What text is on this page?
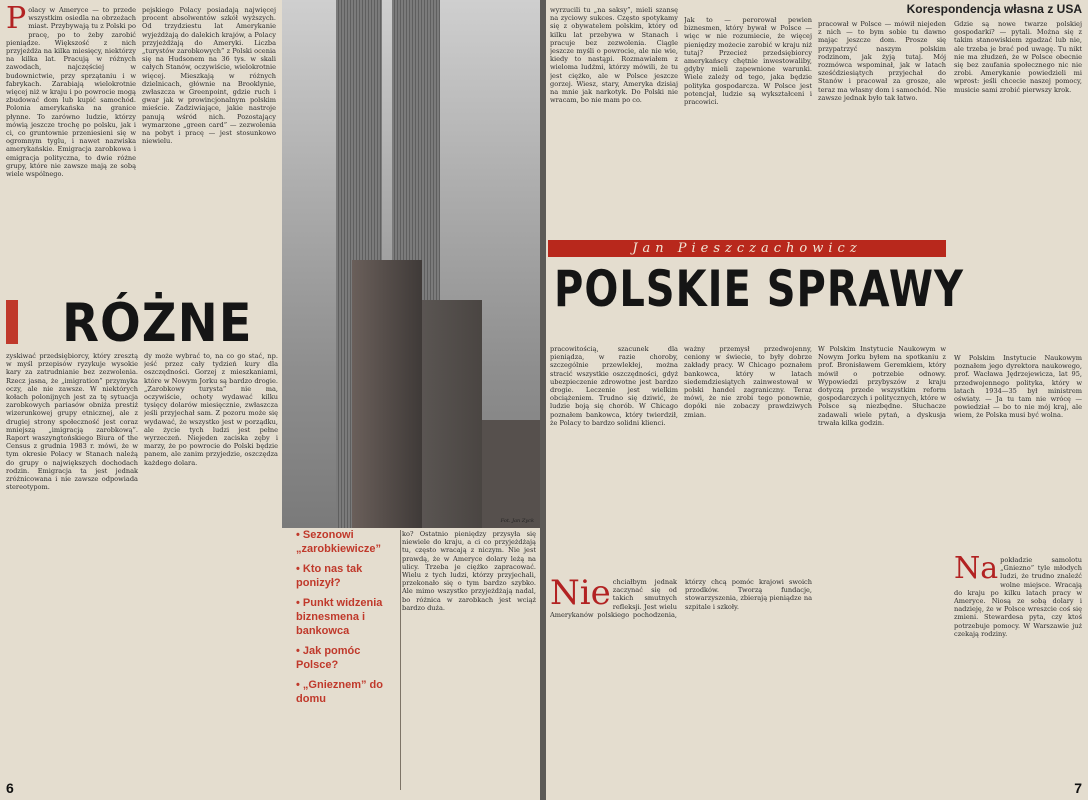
Polacy w Ameryce — to przede wszystkim osiedla na obrzeżach miast. Przybywają tu z Polski po pracę, po to żeby zarobić pieniądze. Większość z nich przyjeżdża na kilka miesięcy, niektórzy na kilka lat. Pracują w różnych zawodach, najczęściej w budownictwie, przy sprzątaniu i w fabrykach. Zarabiają wielokrotnie więcej niż w kraju i po powrocie mogą zbudować dom lub kupić samochód. Polonia amerykańska na granice płynne. To zarówno ludzie, którzy mówią jeszcze trochę po polsku, jak i ci, co gruntownie przeniesieni się w ogromnym tyglu, i nawet nazwiska amerykańskie. Emigracja zarobkowa i emigracja polityczna, to dwie różne grupy, które nie zawsze mają ze sobą wiele wspólnego.
pejskiego Polacy posiadają najwięcej procent absolwentów szkół wyższych. Od trzydziestu lat Amerykanie wyjeżdżają do dalekich krajów, a Polacy przyjeżdżają do Ameryki. Liczba „turystów zarobkowych” z Polski ocenia się na Hudsonem na 36 tys. w skali całych Stanów, oczywiście, wielokrotnie więcej. Mieszkają w różnych dzielnicach, głównie na Brooklynie, zwłaszcza w Greenpoint, gdzie ruch i gwar jak w prowincjonalnym polskim mieście. Zadziwiające, jakie nastroje panują wśród nich. Pozostający wymarzone „green card” — zezwolenia na pobyt i pracę — jest stosunkowo niewielu.
RÓŻNE
zyskiwać przedsiębiorcy, który zresztą w myśl przepisów ryzykuje wysokie kary za zatrudnianie bez zezwolenia. Rzecz jasna, że „imigration” przymyka oczy, ale nie zawsze. W niektórych kołach polonijnych jest za tę sytuacja zarobkowych pariasów obniża prestiż wizerunkowej grupy etnicznej, ale z drugiej strony społeczność jest coraz mniejszą „imigracją zarobkową”. Raport waszyngtońskiego Biura of the Census z grudnia 1983 r. mówi, że w tym okresie Polacy w Stanach należą do grupy o największych dochodach rodzin. Emigracja ta jest jednak zróżnicowana i nie zawsze odpowiada stereotypom.
dy może wybrać to, na co go stać, np. jeść przez cały tydzień kury dla oszczędności. Gorzej z mieszkaniami, które w Nowym Jorku są bardzo drogie. „Zarobkowy turysta” nie ma, oczywiście, ochoty wydawać kilku tysięcy dolarów miesięcznie, zwłaszcza jeśli przyjechał sam. Z pozoru może się wydawać, że wszystko jest w porządku, ale życie tych ludzi jest pełne wyrzeczeń. Niejeden zaciska zęby i marzy, że po powrocie do Polski będzie panem, ale zanim przyjedzie, oszczędza każdego dolara.
ko? Ostatnio pieniędzy przysyła się niewiele do kraju, a ci co przyjeżdżają tu, często wracają z niczym. Nie jest prawdą, że w Ameryce dolary leżą na ulicy. Trzeba je ciężko zapracować. Wielu z tych ludzi, którzy przyjechali, przekonało się o tym bardzo szybko. Ale mimo wszystko przyjeżdżają nadal, bo różnica w zarobkach jest wciąż bardzo duża.
Fot. Jan Zyck
• Sezonowi „zarobkiewicze”
• Kto nas tak ponizył?
• Punkt widzenia biznesmena i bankowca
• Jak pomóc Polsce?
• „Gnieznem” do domu
6
Korespondencja własna z USA
wyrzucili tu „na saksy”, mieli szansę na zyciowy sukces. Często spotykamy się z obywatelem polskim, który od kilku lat przebywa w Stanach i pracuje bez zezwolenia. Ciągle jeszcze myśli o powrocie, ale nie wie, kiedy to nastąpi. Rozmawiałem z wieloma ludźmi, którzy mówili, że tu jest ciężko, ale w Polsce jeszcze gorzej. Wiesz, stary, Ameryka dzisiaj na mnie jak narkotyk. Do Polski nie wracam, bo nie mam po co.
Jak to — perorował pewien biznesmen, który bywał w Polsce — więc w nie rozumiecie, że więcej pieniędzy możecie zarobić w kraju niż tutaj? Przecież przedsiębiorcy amerykańscy chętnie inwestowaliby, gdyby mieli zapewnione warunki. Wiele zależy od tego, jaka będzie polityka gospodarcza. W Polsce jest potencjał, ludzie są wykształceni i pracowici.
pracował w Polsce — mówił niejeden z nich — to bym sobie tu dawno mając jeszcze dom. Prosze się przypatrzyć naszym polskim rodzinom, jak żyją tutaj. Mój rozmówca wspominał, jak w latach sześćdziesiątych przyjechał do Stanów i pracował za grosze, ale teraz ma własny dom i samochód. Nie zawsze jednak było tak łatwo.
Gdzie są nowe twarze polskiej gospodarki? — pytali. Można się z takim stanowiskiem zgadzać lub nie, ale trzeba je brać pod uwagę. Tu nikt nie ma złudzeń, że w Polsce obecnie się bez zaufania społecznego nic nie zrobi. Amerykanie powiedzieli mi wprost: jeśli chcecie naszej pomocy, musicie sami zrobić pierwszy krok.
Jan Pieszczachowicz
POLSKIE SPRAWY
pracowitością, szacunek dla pieniądza, w razie choroby, szczególnie przewlekłej, można stracić wszystkie oszczędności, gdyż ubezpieczenie zdrowotne jest bardzo drogie. Leczenie jest wielkim obciążeniem. Trudno się dziwić, że ludzie boją się chorób. W Chicago poznałem bankowca, który twierdził, że Polacy to bardzo solidni klienci.
ważny przemysł przedwojenny, ceniony w świecie, to były dobrze zakłady pracy. W Chicago poznałem bankowca, który w latach siedemdziesiątych zainwestował w polski handel zagraniczny. Teraz mówi, że nie zrobi tego ponownie, dopóki nie zobaczy prawdziwych zmian.
Nie chciałbym jednak zaczynać się od takich smutnych refleksji. Jest wielu Amerykanów polskiego pochodzenia, którzy chcą pomóc krajowi swoich przodków. Tworzą fundacje, stowarzyszenia, zbierają pieniądze na szpitale i szkoły.
W Polskim Instytucie Naukowym w Nowym Jorku byłem na spotkaniu z prof. Bronisławem Geremkiem, który mówił o potrzebie odnowy. Wypowiedzi przybyszów z kraju dotyczą przede wszystkim reform gospodarczych i politycznych, które w Polsce są niezbędne. Słuchacze zadawali wiele pytań, a dyskusja trwała kilka godzin.
W Polskim Instytucie Naukowym poznałem jego dyrektora naukowego, prof. Wacława Jędrzejewicza, lat 95, przedwojennego polityka, który w latach 1934—35 był ministrem oświaty. — Ja tu tam nie wrócę — powiedział — bo to nie mój kraj, ale wiem, że Polska musi być wolna.
Na pokładzie samolotu „Gniezno” tyle młodych ludzi, że trudno znaleźć wolne miejsce. Wracają do kraju po kilku latach pracy w Ameryce. Niosą ze sobą dolary i nadzieję, że w Polsce wreszcie coś się zmieni. Stewardesa pyta, czy ktoś potrzebuje pomocy. W Warszawie już czekają rodziny.
7
